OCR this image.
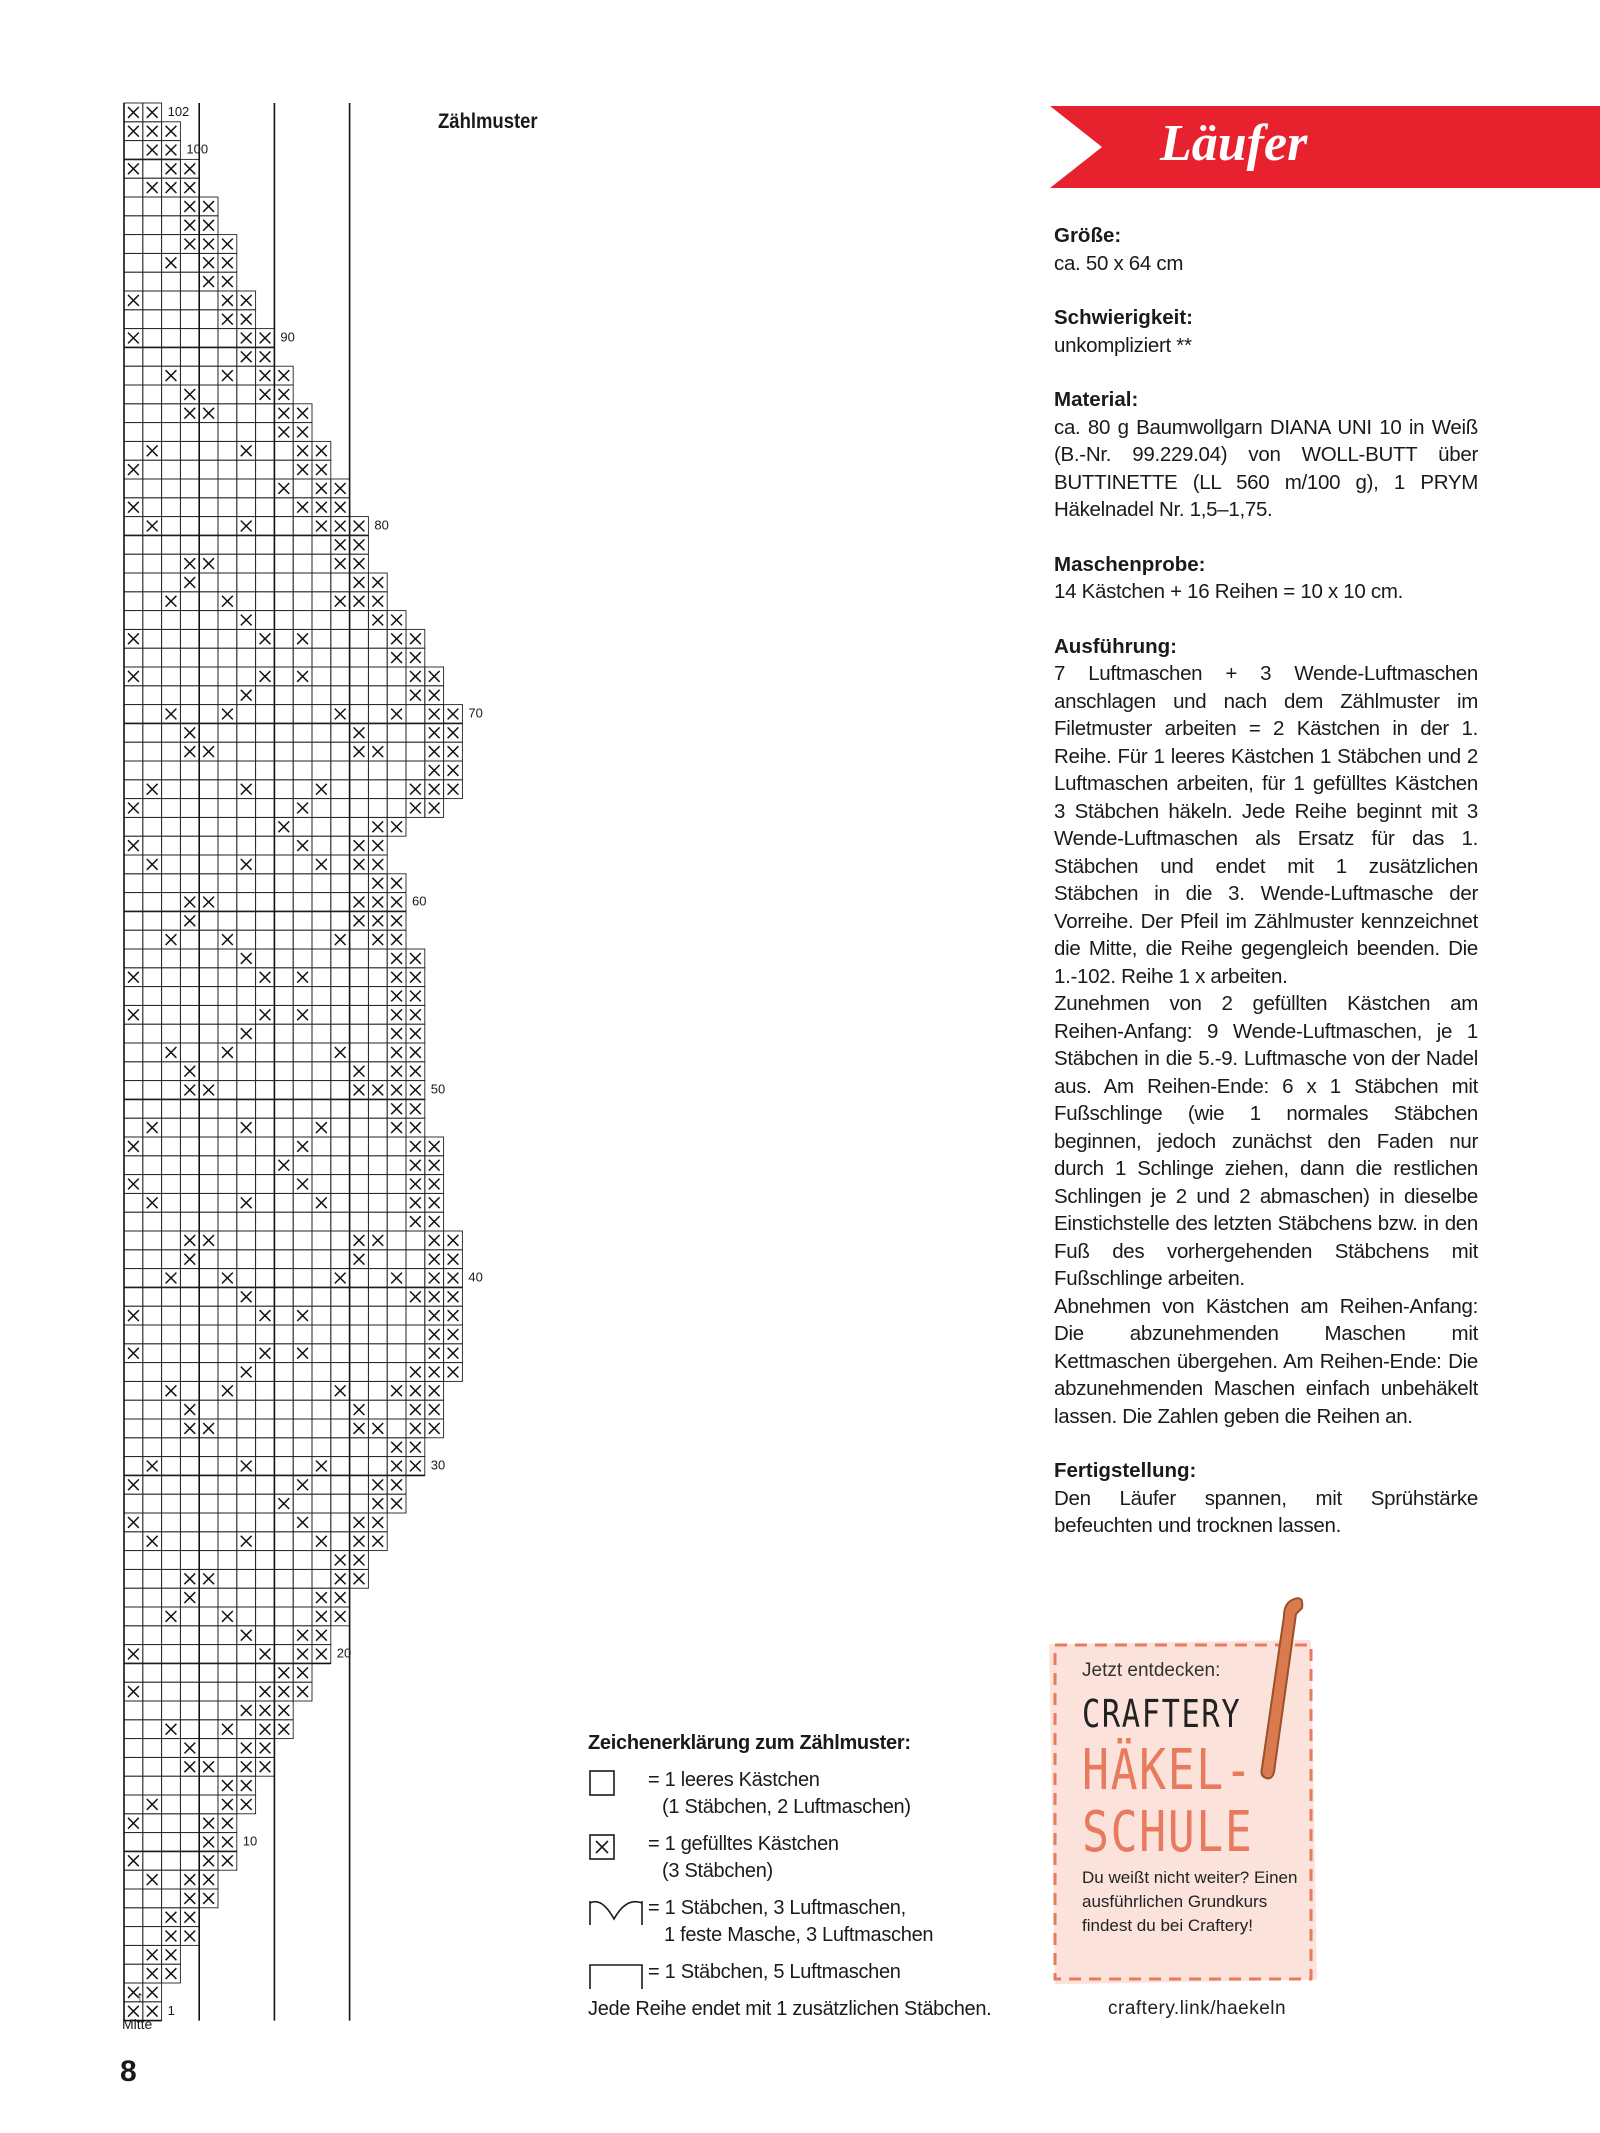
Zählmuster
102
100
90
80
70
60
50
40
30
20
10
1
↑
Mitte
8
Läufer
Größe:

ca. 50 x 64 cm

Schwierigkeit:

unkompliziert **

Material:

ca. 80 g Baumwollgarn DIANA UNI 10 in Weiß (B.-Nr. 99.229.04) von WOLL-BUTT über BUTTINETTE (LL 560 m/100 g), 1 PRYM Häkelnadel Nr. 1,5–1,75.

Maschenprobe:

14 Kästchen + 16 Reihen = 10 x 10 cm.

Ausführung:

7 Luftmaschen + 3 Wende-Luftmaschen anschlagen und nach dem Zählmuster im Filetmuster arbeiten = 2 Kästchen in der 1. Reihe. Für 1 leeres Kästchen 1 Stäbchen und 2 Luftmaschen arbeiten, für 1 gefülltes Kästchen 3 Stäbchen häkeln. Jede Reihe beginnt mit 3 Wende-Luftmaschen als Ersatz für das 1. Stäbchen und endet mit 1 zusätzlichen Stäbchen in die 3. Wende-Luftmasche der Vorreihe. Der Pfeil im Zählmuster kennzeichnet die Mitte, die Reihe gegengleich beenden. Die 1.-102. Reihe 1 x arbeiten.

Zunehmen von 2 gefüllten Kästchen am Reihen-Anfang: 9 Wende-Luftmaschen, je 1 Stäbchen in die 5.-9. Luftmasche von der Nadel aus. Am Reihen-Ende: 6 x 1 Stäbchen mit Fußschlinge (wie 1 normales Stäbchen beginnen, jedoch zunächst den Faden nur durch 1 Schlinge ziehen, dann die restlichen Schlingen je 2 und 2 abmaschen) in dieselbe Einstichstelle des letzten Stäbchens bzw. in den Fuß des vorhergehenden Stäbchens mit Fußschlinge arbeiten.

Abnehmen von Kästchen am Reihen-Anfang: Die abzunehmenden Maschen mit Kettmaschen übergehen. Am Reihen-Ende: Die abzunehmenden Maschen einfach unbehäkelt lassen. Die Zahlen geben die Reihen an.

Fertigstellung:

Den Läufer spannen, mit Sprühstärke befeuchten und trocknen lassen.

Zeichenerklärung zum Zählmuster:
= 1 leeres Kästchen
(1 Stäbchen, 2 Luftmaschen)
= 1 gefülltes Kästchen
(3 Stäbchen)
= 1 Stäbchen, 3 Luftmaschen,
1 feste Masche, 3 Luftmaschen
= 1 Stäbchen, 5 Luftmaschen
Jede Reihe endet mit 1 zusätzlichen Stäbchen.
Jetzt entdecken:
CRAFTERY
HÄKEL-
SCHULE
Du weißt nicht weiter? Einen ausführlichen Grundkurs findest du bei Craftery!
craftery.link/haekeln
